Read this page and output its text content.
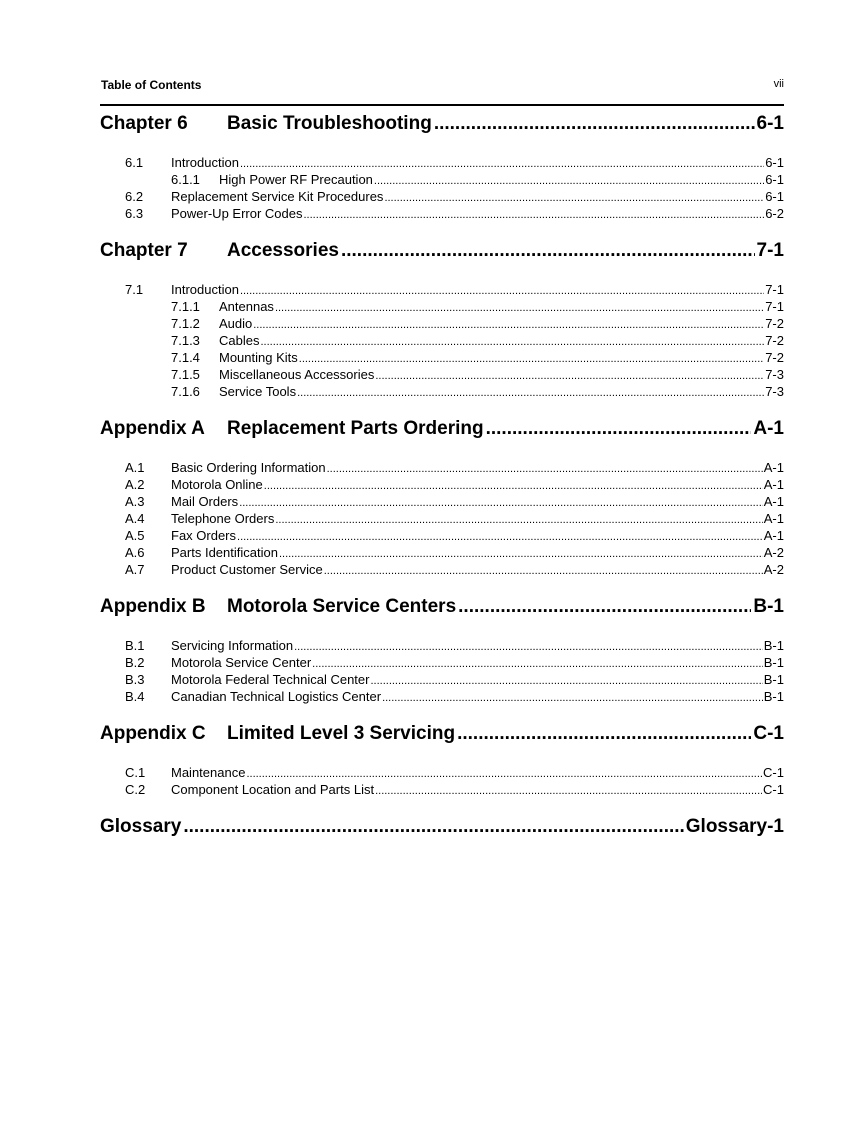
Table of Contents	vii
Chapter 6	Basic Troubleshooting .....	6-1
6.1	Introduction .....	6-1
6.1.1	High Power RF Precaution .....	6-1
6.2	Replacement Service Kit Procedures .....	6-1
6.3	Power-Up Error Codes .....	6-2
Chapter 7	Accessories .....	7-1
7.1	Introduction .....	7-1
7.1.1	Antennas .....	7-1
7.1.2	Audio .....	7-2
7.1.3	Cables .....	7-2
7.1.4	Mounting Kits .....	7-2
7.1.5	Miscellaneous Accessories .....	7-3
7.1.6	Service Tools .....	7-3
Appendix A	Replacement Parts Ordering .....	A-1
A.1	Basic Ordering Information .....	A-1
A.2	Motorola Online .....	A-1
A.3	Mail Orders .....	A-1
A.4	Telephone Orders .....	A-1
A.5	Fax Orders .....	A-1
A.6	Parts Identification .....	A-2
A.7	Product Customer Service .....	A-2
Appendix B	Motorola Service Centers .....	B-1
B.1	Servicing Information .....	B-1
B.2	Motorola Service Center .....	B-1
B.3	Motorola Federal Technical Center .....	B-1
B.4	Canadian Technical Logistics Center .....	B-1
Appendix C	Limited Level 3 Servicing .....	C-1
C.1	Maintenance .....	C-1
C.2	Component Location and Parts List .....	C-1
Glossary .....	Glossary-1
